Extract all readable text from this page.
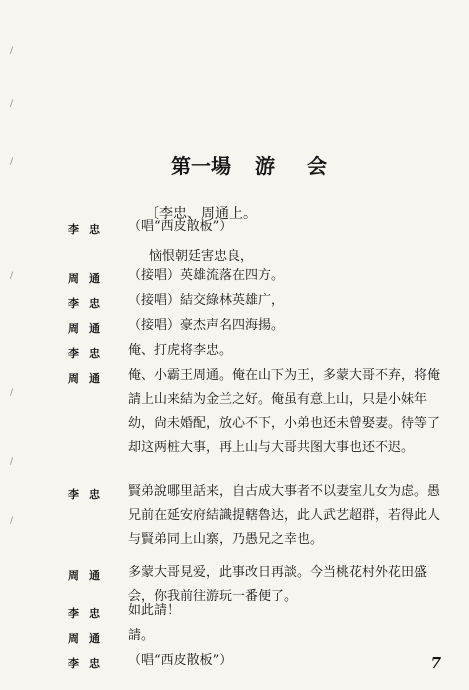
/
/
/
/
/
/
/
第一場 游 会
〔李忠、周通上。
李忠 （唱“西皮散板”）
恼恨朝廷害忠良，
周通 （接唱）英雄流落在四方。
李忠 （接唱）結交綠林英雄广，
周通 （接唱）豪杰声名四海揚。
李忠 俺、打虎将李忠。
周通 俺、小霸王周通。俺在山下为王，多蒙大哥不弃，将俺請上山来結为金兰之好。俺虽有意上山，只是小妹年幼，尙未婚配，放心不下，小弟也还未曾娶妻。待等了却这两桩大事，再上山与大哥共图大事也还不迟。
李忠 賢弟說哪里話来，自古成大事者不以妻室儿女为虑。愚兄前在延安府結識提轄魯达，此人武艺超群，若得此人与賢弟同上山寨，乃愚兄之幸也。
周通 多蒙大哥見爱，此事改日再談。今当桃花村外花田盛会，你我前往游玩一番便了。
李忠 如此請！
周通 請。
李忠 （唱“西皮散板”）	7
